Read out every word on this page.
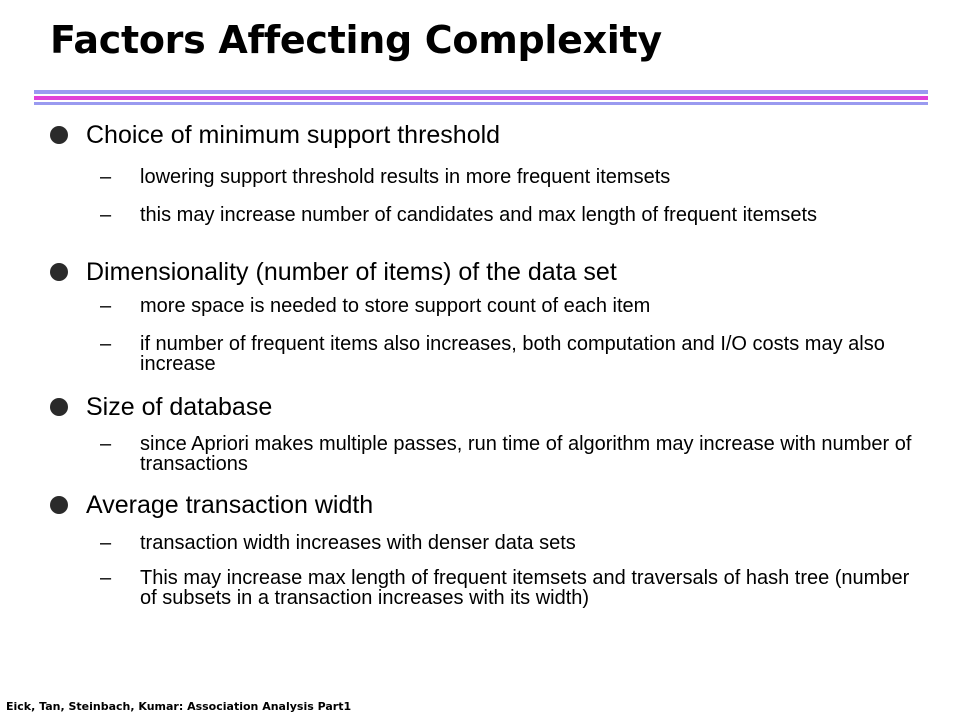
Factors Affecting Complexity
Choice of minimum support threshold
–	lowering support threshold results in more frequent itemsets
–	this may increase number of candidates and max length of frequent itemsets
Dimensionality (number of items) of the data set
–	more space is needed to store support count of each item
–	if number of frequent items also increases, both computation and I/O costs may also increase
Size of database
–	since Apriori makes multiple passes, run time of algorithm may increase with number of transactions
Average transaction width
–	transaction width increases with denser data sets
–	This may increase max length of frequent itemsets and traversals of hash tree (number of subsets in a transaction increases with its width)
Eick, Tan, Steinbach, Kumar: Association Analysis Part1
